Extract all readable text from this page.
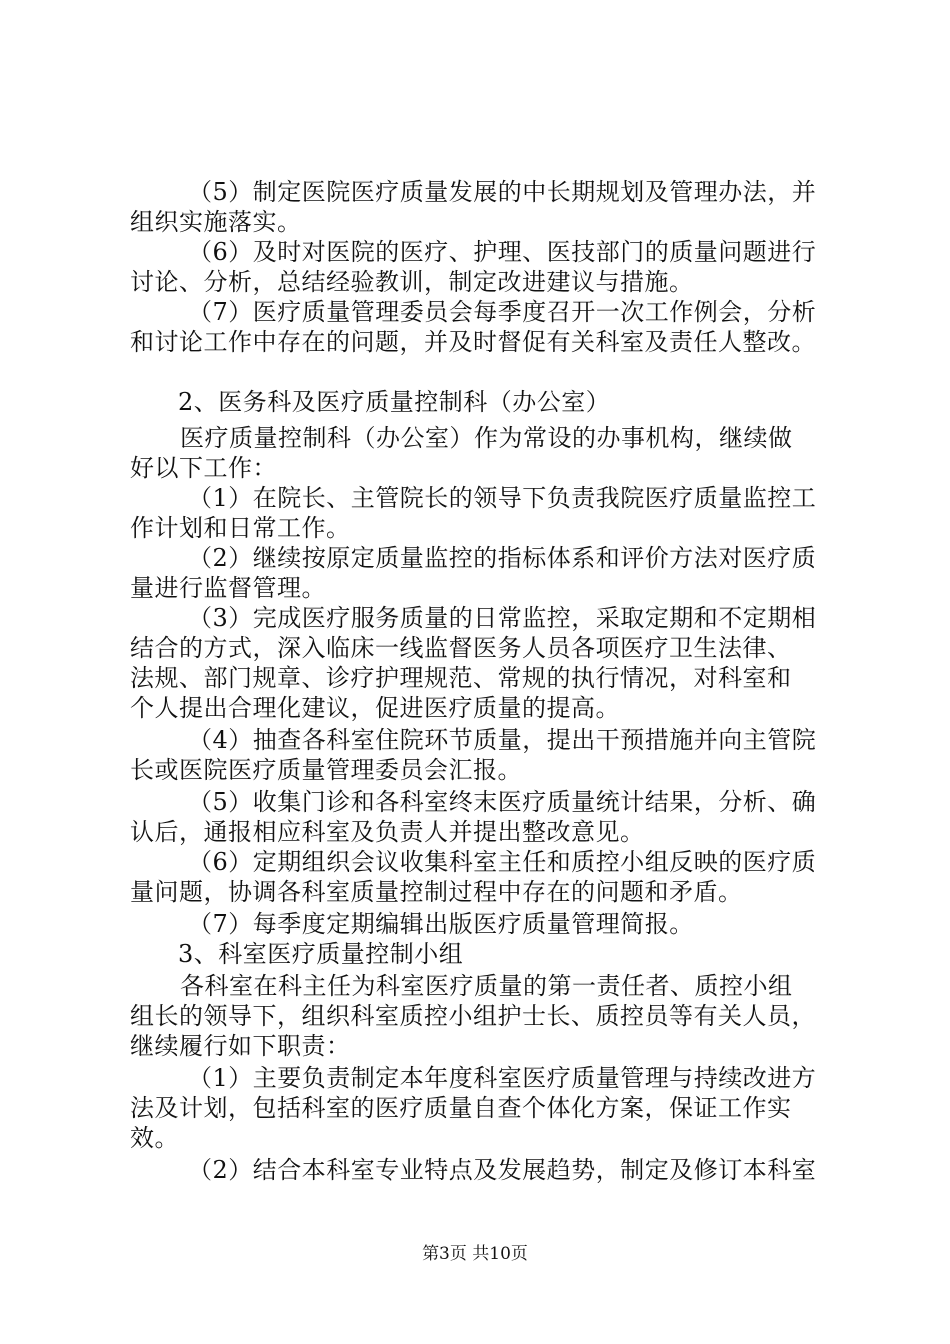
（5）制定医院医疗质量发展的中长期规划及管理办法，并
组织实施落实。
（6）及时对医院的医疗、护理、医技部门的质量问题进行
讨论、分析，总结经验教训，制定改进建议与措施。
（7）医疗质量管理委员会每季度召开一次工作例会，分析
和讨论工作中存在的问题，并及时督促有关科室及责任人整改。
2、医务科及医疗质量控制科（办公室）
医疗质量控制科（办公室）作为常设的办事机构，继续做
好以下工作：
（1）在院长、主管院长的领导下负责我院医疗质量监控工
作计划和日常工作。
（2）继续按原定质量监控的指标体系和评价方法对医疗质
量进行监督管理。
（3）完成医疗服务质量的日常监控，采取定期和不定期相
结合的方式，深入临床一线监督医务人员各项医疗卫生法律、
法规、部门规章、诊疗护理规范、常规的执行情况，对科室和
个人提出合理化建议，促进医疗质量的提高。
（4）抽查各科室住院环节质量，提出干预措施并向主管院
长或医院医疗质量管理委员会汇报。
（5）收集门诊和各科室终末医疗质量统计结果，分析、确
认后，通报相应科室及负责人并提出整改意见。
（6）定期组织会议收集科室主任和质控小组反映的医疗质
量问题，协调各科室质量控制过程中存在的问题和矛盾。
（7）每季度定期编辑出版医疗质量管理简报。
3、科室医疗质量控制小组
各科室在科主任为科室医疗质量的第一责任者、质控小组
组长的领导下，组织科室质控小组护士长、质控员等有关人员，
继续履行如下职责：
（1）主要负责制定本年度科室医疗质量管理与持续改进方
法及计划，包括科室的医疗质量自查个体化方案，保证工作实
效。
（2）结合本科室专业特点及发展趋势，制定及修订本科室
第3页 共10页
